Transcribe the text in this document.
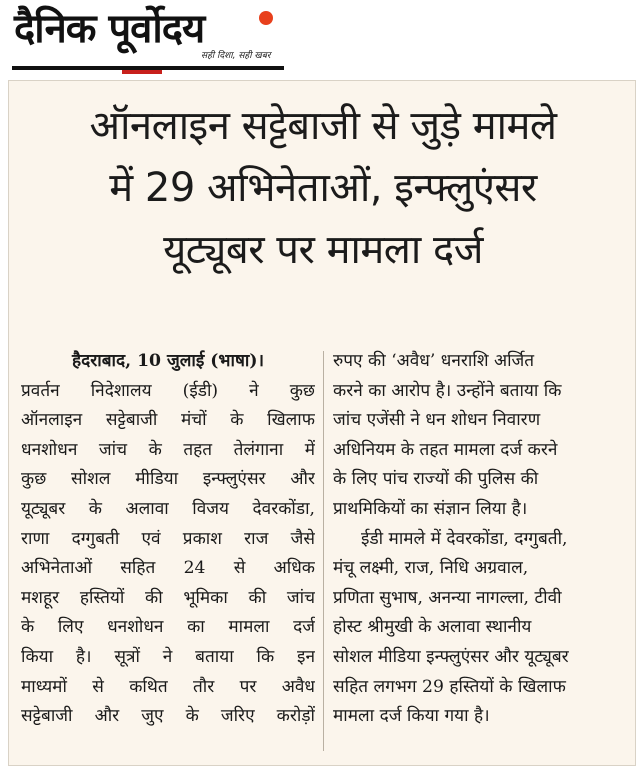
दैनिक पूर्वोदय
सही दिशा, सही खबर
ऑनलाइन सट्टेबाजी से जुड़े मामले
में 29 अभिनेताओं, इन्फ्लुएंसर
यूट्यूबर पर मामला दर्ज
हैदराबाद, 10 जुलाई (भाषा)।
प्रवर्तन निदेशालय (ईडी) ने कुछ
ऑनलाइन सट्टेबाजी मंचों के खिलाफ
धनशोधन जांच के तहत तेलंगाना में
कुछ सोशल मीडिया इन्फ्लुएंसर और
यूट्यूबर के अलावा विजय देवरकोंडा,
राणा दग्गुबती एवं प्रकाश राज जैसे
अभिनेताओं सहित 24 से अधिक
मशहूर हस्तियों की भूमिका की जांच
के लिए धनशोधन का मामला दर्ज
किया है। सूत्रों ने बताया कि इन
माध्यमों से कथित तौर पर अवैध
सट्टेबाजी और जुए के जरिए करोड़ों
रुपए की ‘अवैध’ धनराशि अर्जित
करने का आरोप है। उन्होंने बताया कि
जांच एजेंसी ने धन शोधन निवारण
अधिनियम के तहत मामला दर्ज करने
के लिए पांच राज्यों की पुलिस की
प्राथमिकियों का संज्ञान लिया है।
ईडी मामले में देवरकोंडा, दग्गुबती,
मंचू लक्ष्मी, राज, निधि अग्रवाल,
प्रणिता सुभाष, अनन्या नागल्ला, टीवी
होस्ट श्रीमुखी के अलावा स्थानीय
सोशल मीडिया इन्फ्लुएंसर और यूट्यूबर
सहित लगभग 29 हस्तियों के खिलाफ
मामला दर्ज किया गया है।
